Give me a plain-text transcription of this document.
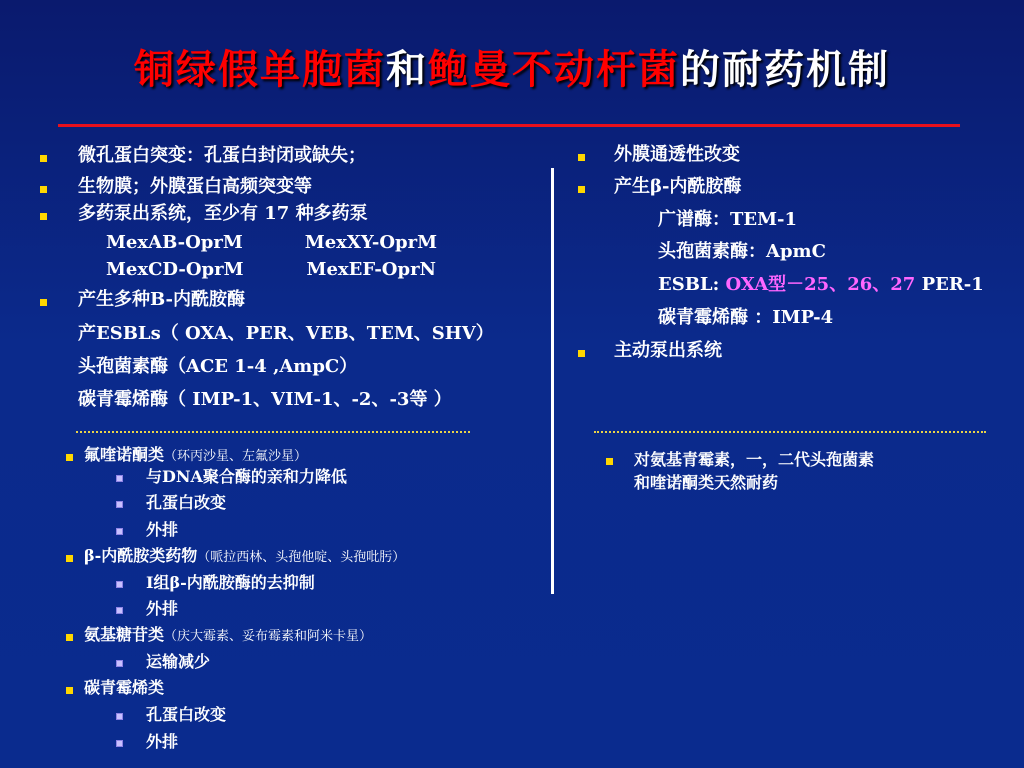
铜绿假单胞菌和鲍曼不动杆菌的耐药机制
微孔蛋白突变：孔蛋白封闭或缺失；
生物膜；外膜蛋白高频突变等
多药泵出系统，至少有 17 种多药泵
MexAB-OprM	MexXY-OprM
MexCD-OprM	MexEF-OprN
产生多种B-内酰胺酶
产ESBLs（ OXA、PER、VEB、TEM、SHV）
头孢菌素酶（ACE 1-4 ,AmpC）
碳青霉烯酶（ IMP-1、VIM-1、-2、-3等 ）
氟喹诺酮类（环丙沙星、左氟沙星）
与DNA聚合酶的亲和力降低
孔蛋白改变
外排
β-内酰胺类药物（哌拉西林、头孢他啶、头孢吡肟）
I组β-内酰胺酶的去抑制
外排
氨基糖苷类（庆大霉素、妥布霉素和阿米卡星）
运输减少
碳青霉烯类
孔蛋白改变
外排
外膜通透性改变
产生β-内酰胺酶
广谱酶：TEM-1
头孢菌素酶：ApmC
ESBL: OXA型－25、26、27 PER-1
碳青霉烯酶 ：IMP-4
主动泵出系统
对氨基青霉素，一，二代头孢菌素
和喹诺酮类天然耐药
